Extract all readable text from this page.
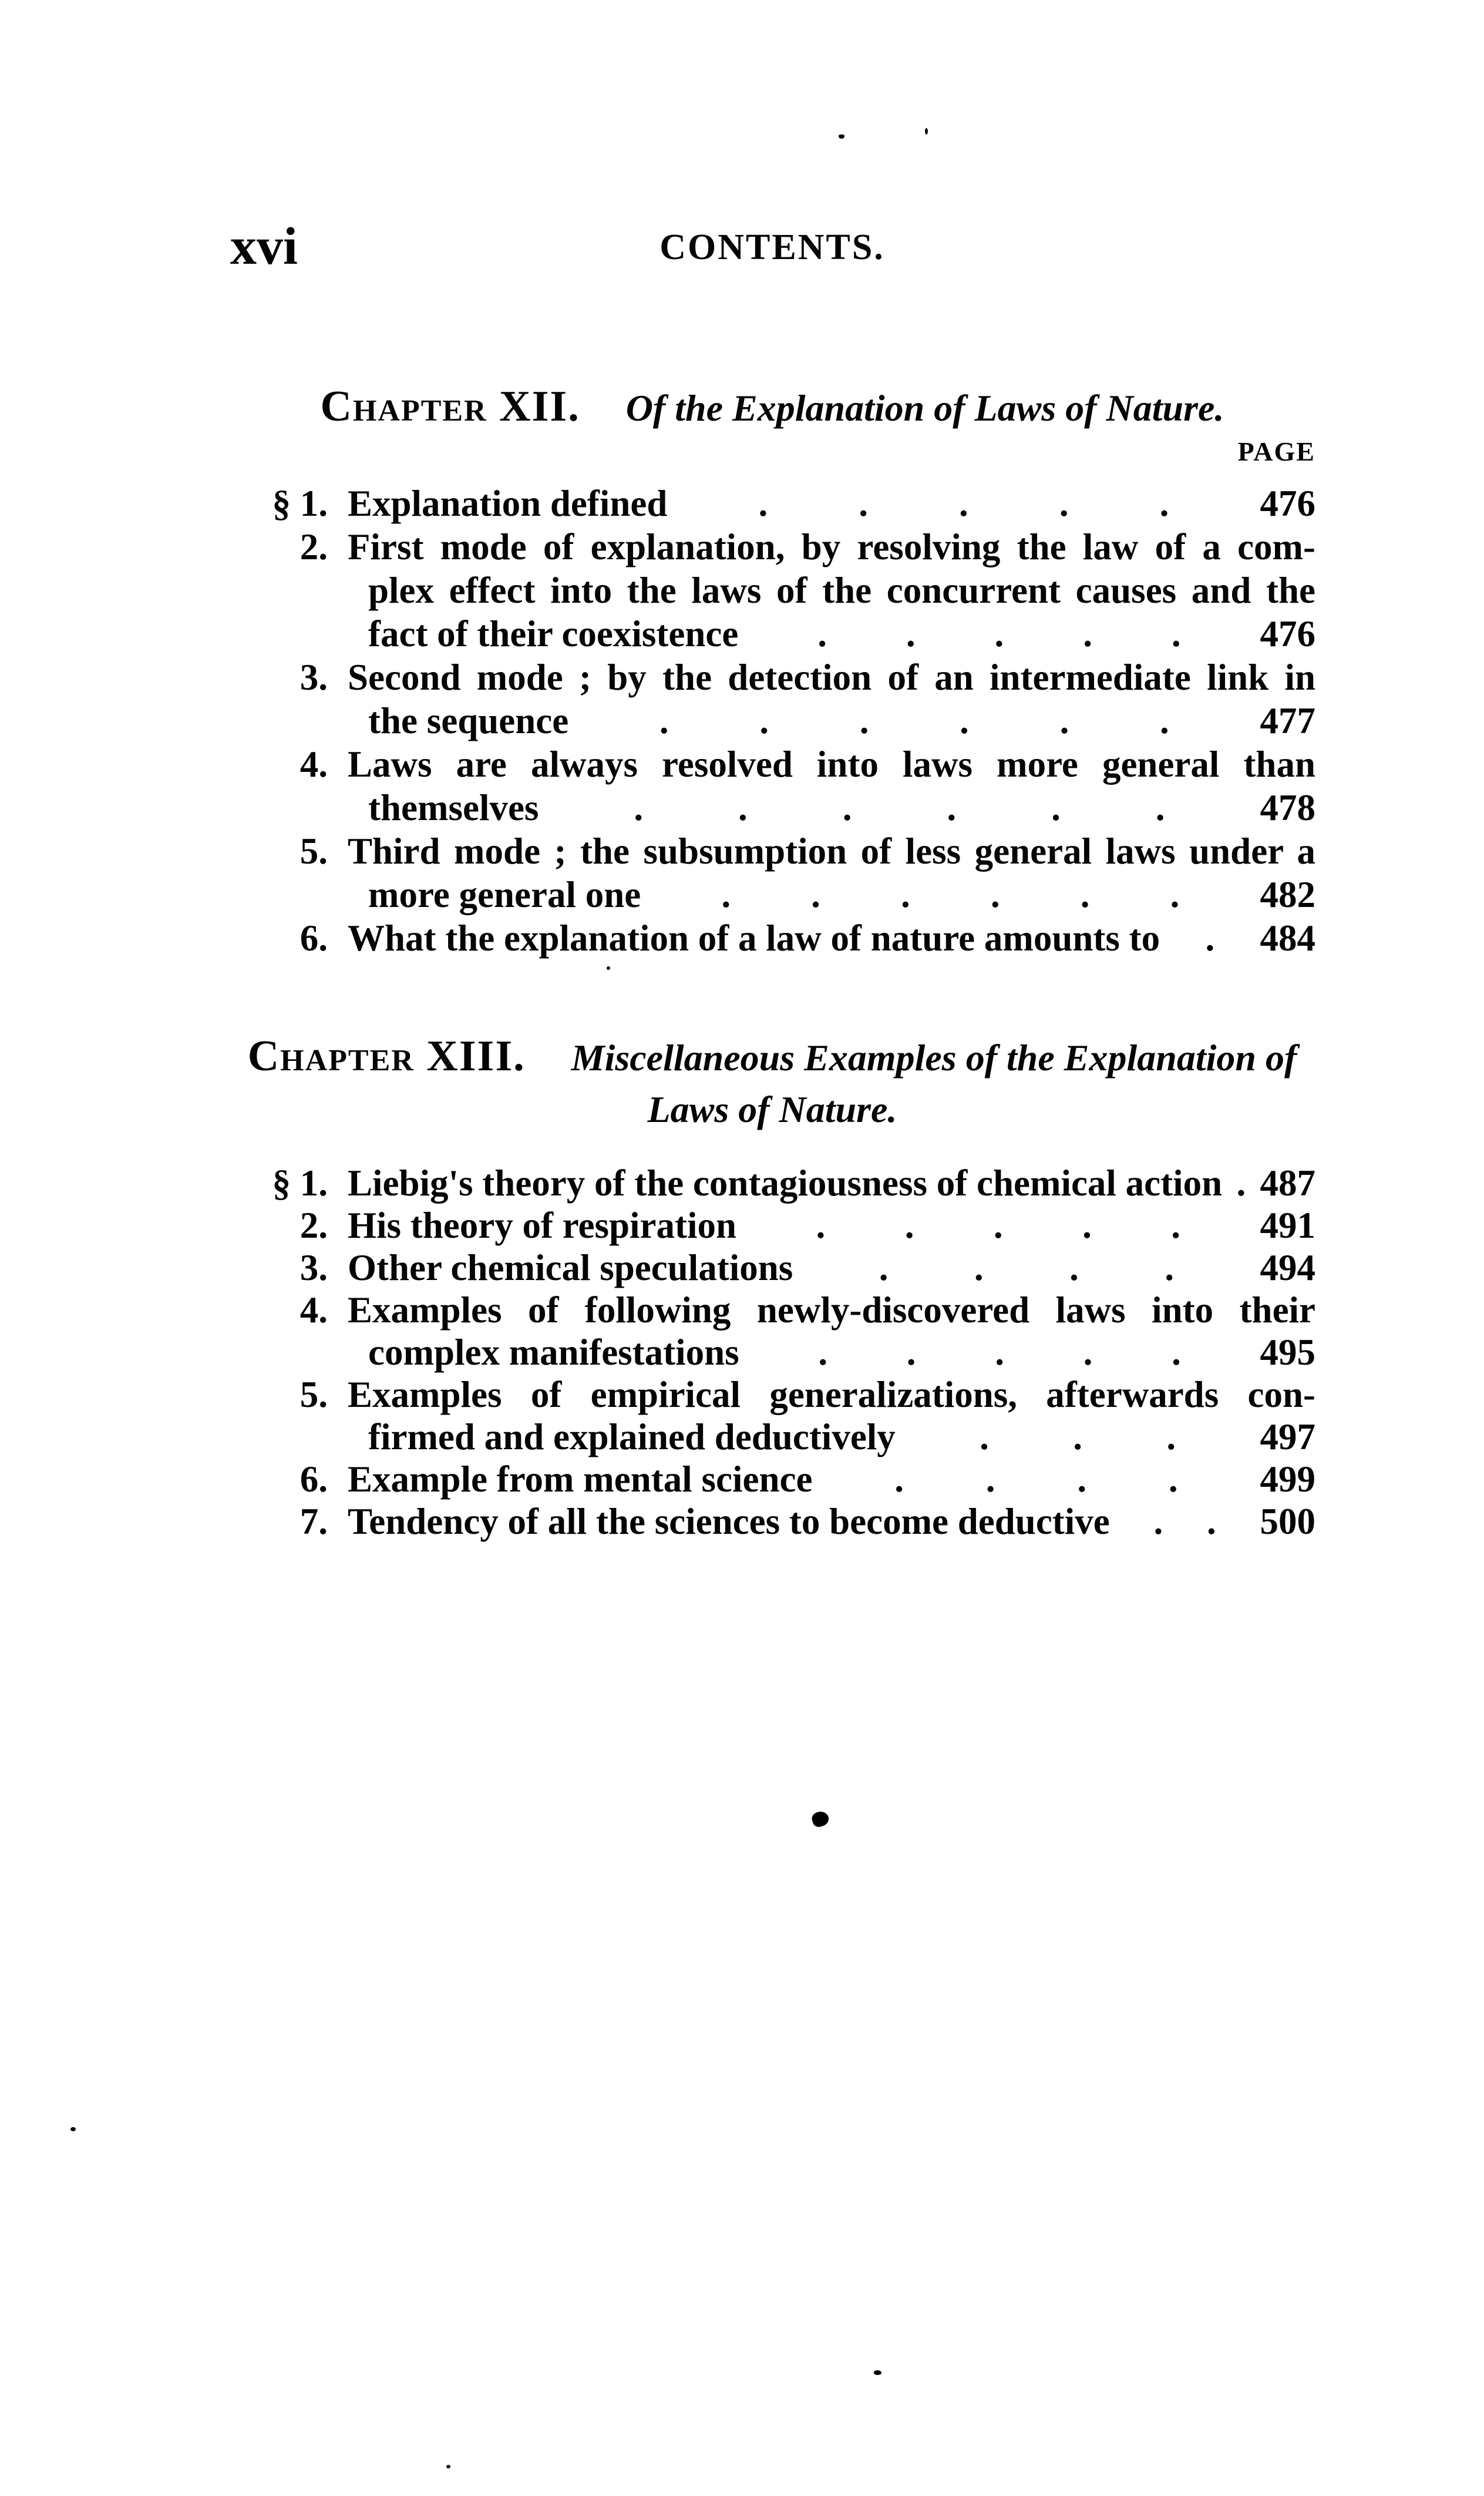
xvi	CONTENTS.
PAGE
Chapter XII. Of the Explanation of Laws of Nature.
§ 1. Explanation defined . . . . . 476
2. First mode of explanation, by resolving the law of a com-
plex effect into the laws of the concurrent causes and the
fact of their coexistence . . . . . 476
3. Second mode ; by the detection of an intermediate link in
the sequence . . . . . . 477
4. Laws are always resolved into laws more general than
themselves	.	.	.	.	.	.	478
5. Third mode ; the subsumption of less general laws under a
more general one . . . . . . 482
6. What the explanation of a law of nature amounts to . 484
Chapter XIII. Miscellaneous Examples of the Explanation of
Laws of Nature.
§ 1. Liebig's theory of the contagiousness of chemical action . 487
2. His theory of respiration . . . . . 491
3. Other chemical speculations . . . . 494
4. Examples of following newly-discovered laws into their
complex manifestations . . . . . 495
5. Examples of empirical generalizations, afterwards con-
firmed and explained deductively . . . 497
6. Example from mental science . . . . 499
7. Tendency of all the sciences to become deductive . . 500
